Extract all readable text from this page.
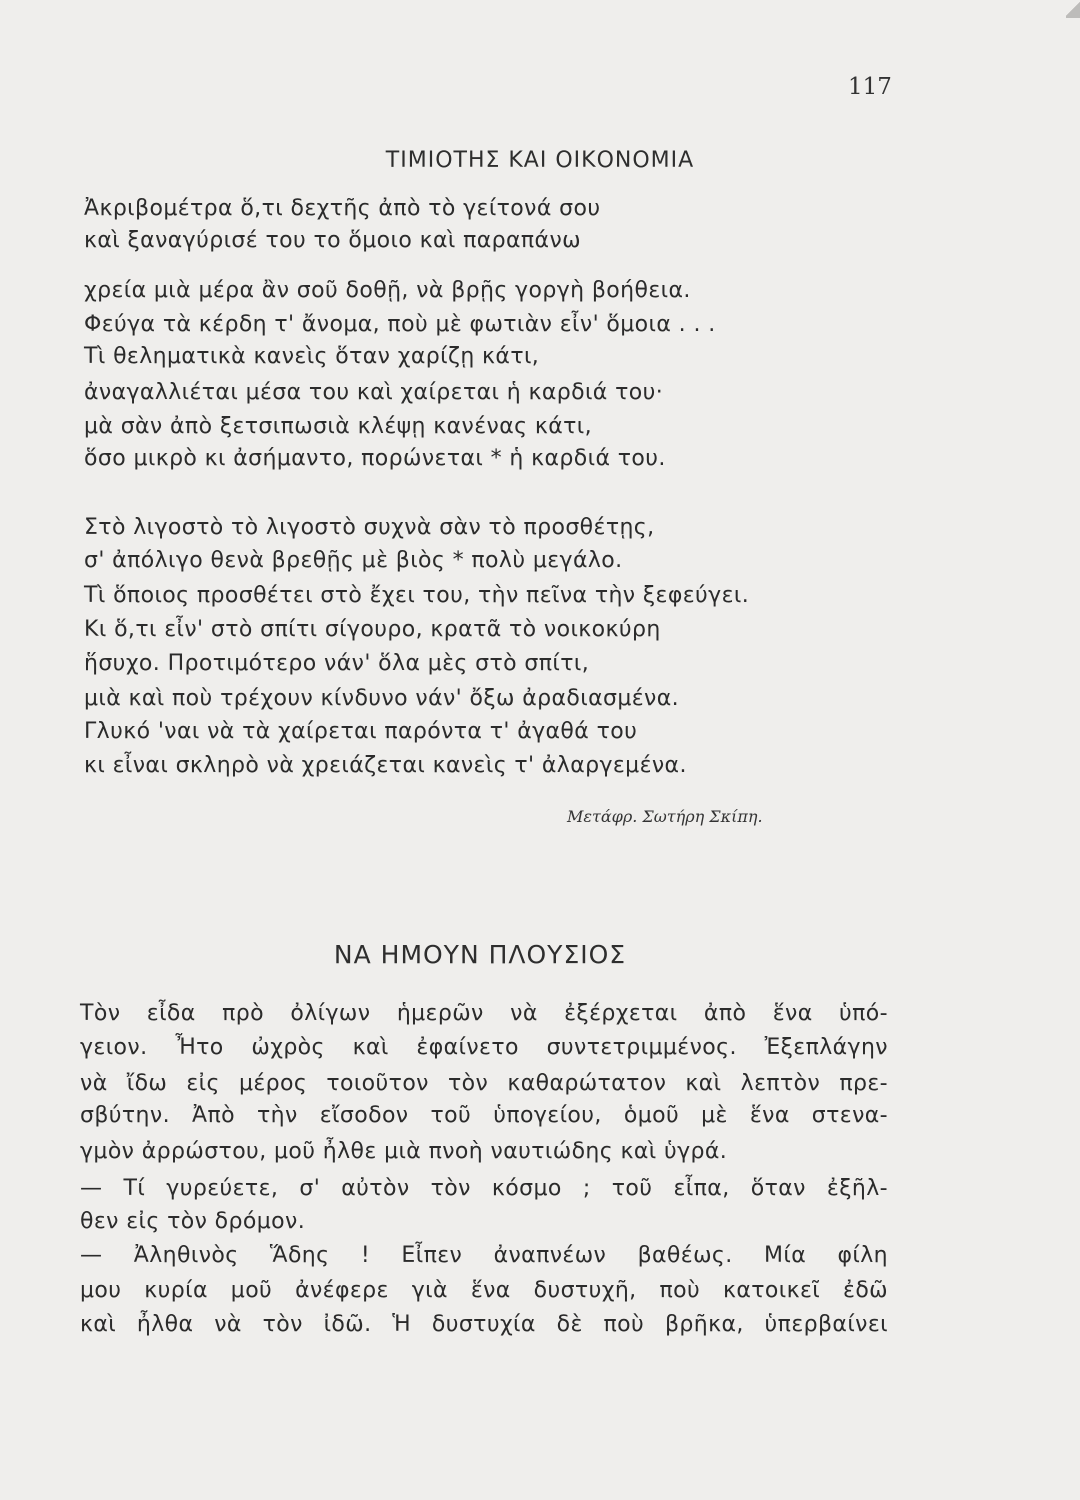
117
ΤΙΜΙΟΤΗΣ ΚΑΙ ΟΙΚΟΝΟΜΙΑ
Ἀκριβομέτρα ὅ,τι δεχτῆς ἀπὸ τὸ γείτονά σου
καὶ ξαναγύρισέ του το ὅμοιο καὶ παραπάνω
χρεία μιὰ μέρα ἂν σοῦ δοθῇ, νὰ βρῇς γοργὴ βοήθεια.
Φεύγα τὰ κέρδη τ' ἄνομα, ποὺ μὲ φωτιὰν εἶν' ὅμοια . . .
Τὶ θεληματικὰ κανεὶς ὅταν χαρίζῃ κάτι,
ἀναγαλλιέται μέσα του καὶ χαίρεται ἡ καρδιά του·
μὰ σὰν ἀπὸ ξετσιπωσιὰ κλέψῃ κανένας κάτι,
ὅσο μικρὸ κι ἀσήμαντο, πορώνεται * ἡ καρδιά του.
Στὸ λιγοστὸ τὸ λιγοστὸ συχνὰ σὰν τὸ προσθέτῃς,
σ' ἀπόλιγο θενὰ βρεθῇς μὲ βιὸς * πολὺ μεγάλο.
Τὶ ὅποιος προσθέτει στὸ ἔχει του, τὴν πεῖνα τὴν ξεφεύγει.
Κι ὅ,τι εἶν' στὸ σπίτι σίγουρο, κρατᾶ τὸ νοικοκύρη
ἥσυχο. Προτιμότερο νάν' ὅλα μὲς στὸ σπίτι,
μιὰ καὶ ποὺ τρέχουν κίνδυνο νάν' ὄξω ἀραδιασμένα.
Γλυκό 'ναι νὰ τὰ χαίρεται παρόντα τ' ἀγαθά του
κι εἶναι σκληρὸ νὰ χρειάζεται κανεὶς τ' ἀλαργεμένα.
Μετάφρ. Σωτήρη Σκίπη.
ΝΑ ΗΜΟΥΝ ΠΛΟΥΣΙΟΣ
Τὸν εἶδα πρὸ ὀλίγων ἡμερῶν νὰ ἐξέρχεται ἀπὸ ἕνα ὑπό-
γειον. Ἦτο ὠχρὸς καὶ ἐφαίνετο συντετριμμένος. Ἐξεπλάγην
νὰ ἴδω εἰς μέρος τοιοῦτον τὸν καθαρώτατον καὶ λεπτὸν πρε-
σβύτην. Ἀπὸ τὴν εἴσοδον τοῦ ὑπογείου, ὁμοῦ μὲ ἕνα στενα-
γμὸν ἀρρώστου, μοῦ ἦλθε μιὰ πνοὴ ναυτιώδης καὶ ὑγρά.
— Τί γυρεύετε, σ' αὐτὸν τὸν κόσμο ; τοῦ εἶπα, ὅταν ἐξῆλ-
θεν εἰς τὸν δρόμον.
— Ἀληθινὸς Ἅδης ! Εἶπεν ἀναπνέων βαθέως. Μία φίλη
μου κυρία μοῦ ἀνέφερε γιὰ ἕνα δυστυχῆ, ποὺ κατοικεῖ ἐδῶ
καὶ ἦλθα νὰ τὸν ἰδῶ. Ἡ δυστυχία δὲ ποὺ βρῆκα, ὑπερβαίνει
